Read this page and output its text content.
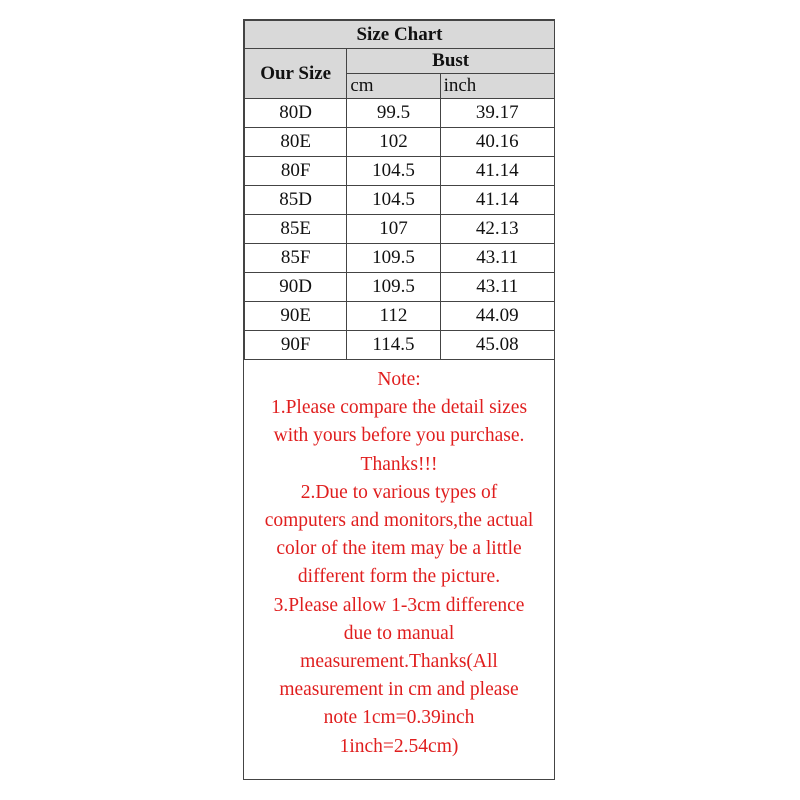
Size Chart		
Our Size	Bust	
	cm	inch
80D	99.5	39.17
80E	102	40.16
80F	104.5	41.14
85D	104.5	41.14
85E	107	42.13
85F	109.5	43.11
90D	109.5	43.11
90E	112	44.09
90F	114.5	45.08
Note:
1.Please compare the detail sizes
with yours before you purchase.
Thanks!!!
2.Due to various types of
computers and monitors,the actual
color of the item may be a little
different form the picture.
3.Please allow 1-3cm difference
due to manual
measurement.Thanks(All
measurement in cm and please
note 1cm=0.39inch
1inch=2.54cm)
